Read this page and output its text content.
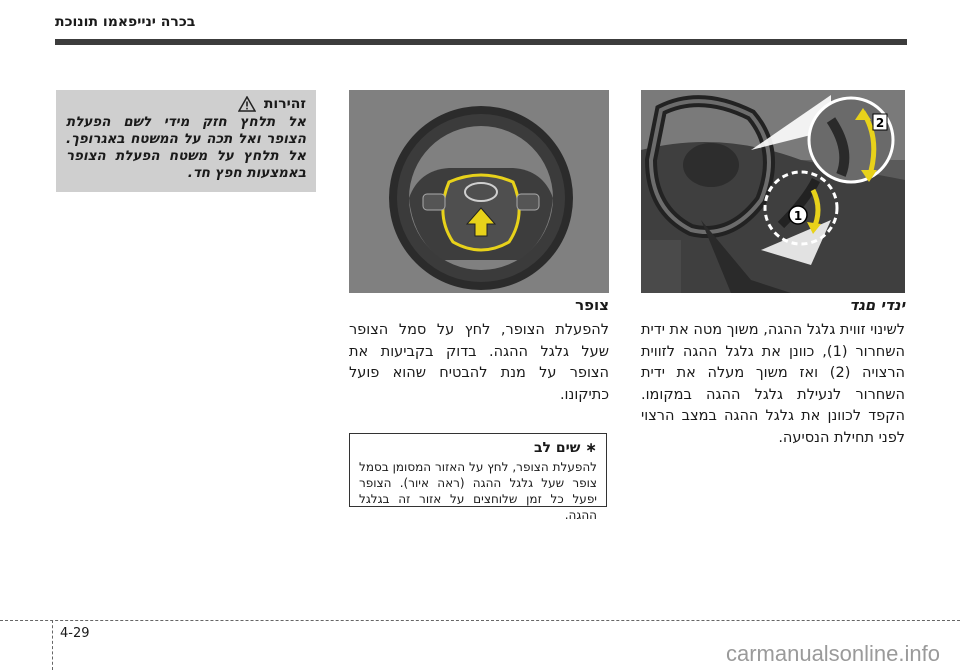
בכרה ינייפאמו תונוכת
1
2
ינדי םגד

לשינוי זווית גלגל ההגה, משוך מטה את ידית השחרור (1), כוונן את גלגל ההגה לזווית הרצויה (2) ואז משוך מעלה את ידית השחרור לנעילת גלגל ההגה במקומו. הקפד לכוונן את גלגל ההגה במצב הרצוי לפני תחילת הנסיעה.

צופר

להפעלת הצופר, לחץ על סמל הצופר שעל גלגל ההגה. בדוק בקביעות את הצופר על מנת להבטיח שהוא פועל כתיקונו.

∗ שים לב
להפעלת הצופר, לחץ על האזור המסומן בסמל צופר שעל גלגל ההגה (ראה איור). הצופר יפעל כל זמן שלוחצים על אזור זה בגלגל ההגה.
זהירות
אל תלחץ חזק מידי לשם הפעלת הצופר ואל תכה על המשטח באגרופך. אל תלחץ על משטח הפעלת הצופר באמצעות חפץ חד.
4-29
carmanualsonline.info
